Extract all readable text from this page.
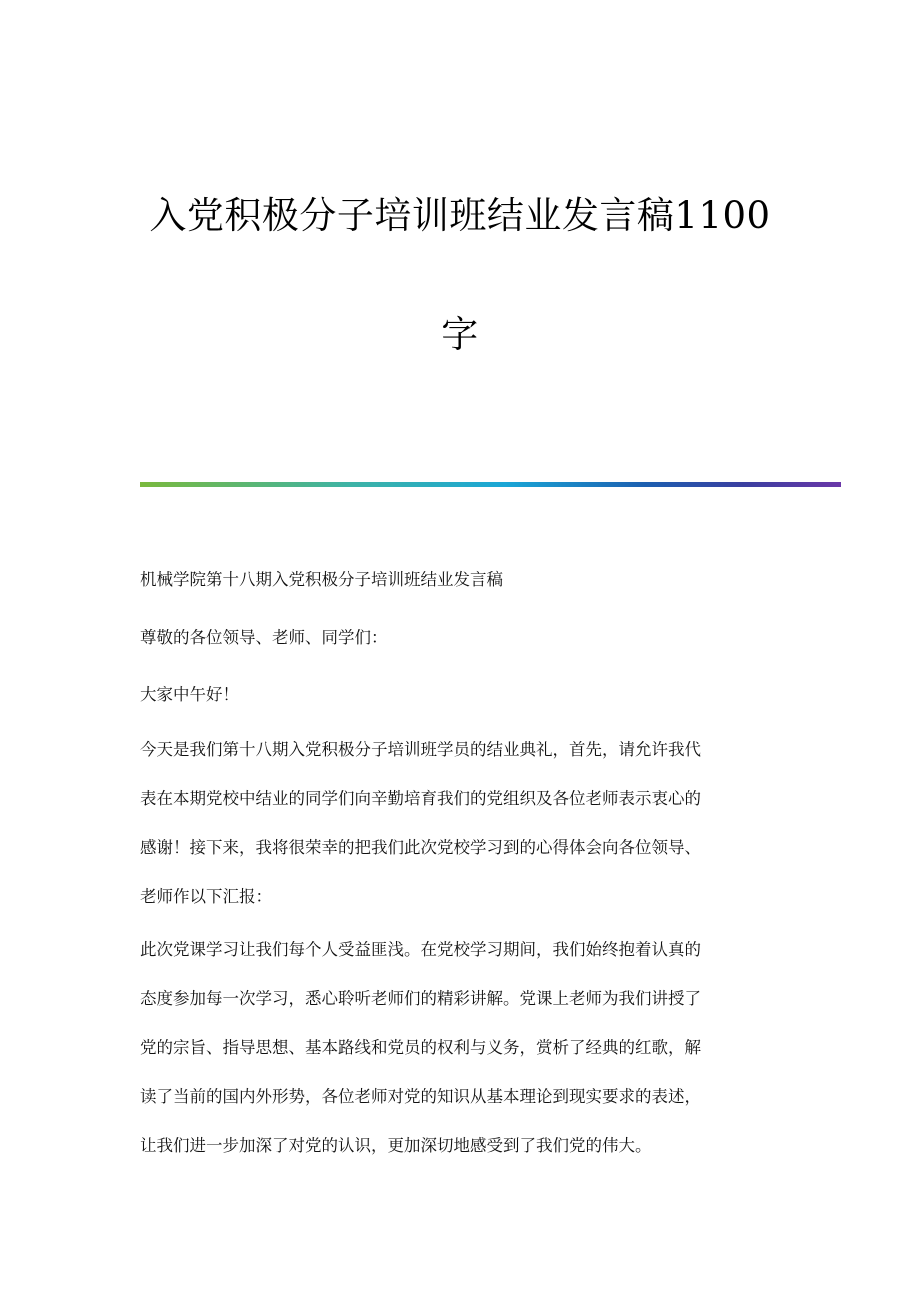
入党积极分子培训班结业发言稿1100
字

机械学院第十八期入党积极分子培训班结业发言稿

尊敬的各位领导、老师、同学们：

大家中午好！

今天是我们第十八期入党积极分子培训班学员的结业典礼，首先，请允许我代
表在本期党校中结业的同学们向辛勤培育我们的党组织及各位老师表示衷心的
感谢！接下来，我将很荣幸的把我们此次党校学习到的心得体会向各位领导、
老师作以下汇报：

此次党课学习让我们每个人受益匪浅。在党校学习期间，我们始终抱着认真的
态度参加每一次学习，悉心聆听老师们的精彩讲解。党课上老师为我们讲授了
党的宗旨、指导思想、基本路线和党员的权利与义务，赏析了经典的红歌，解
读了当前的国内外形势，各位老师对党的知识从基本理论到现实要求的表述，
让我们进一步加深了对党的认识，更加深切地感受到了我们党的伟大。
